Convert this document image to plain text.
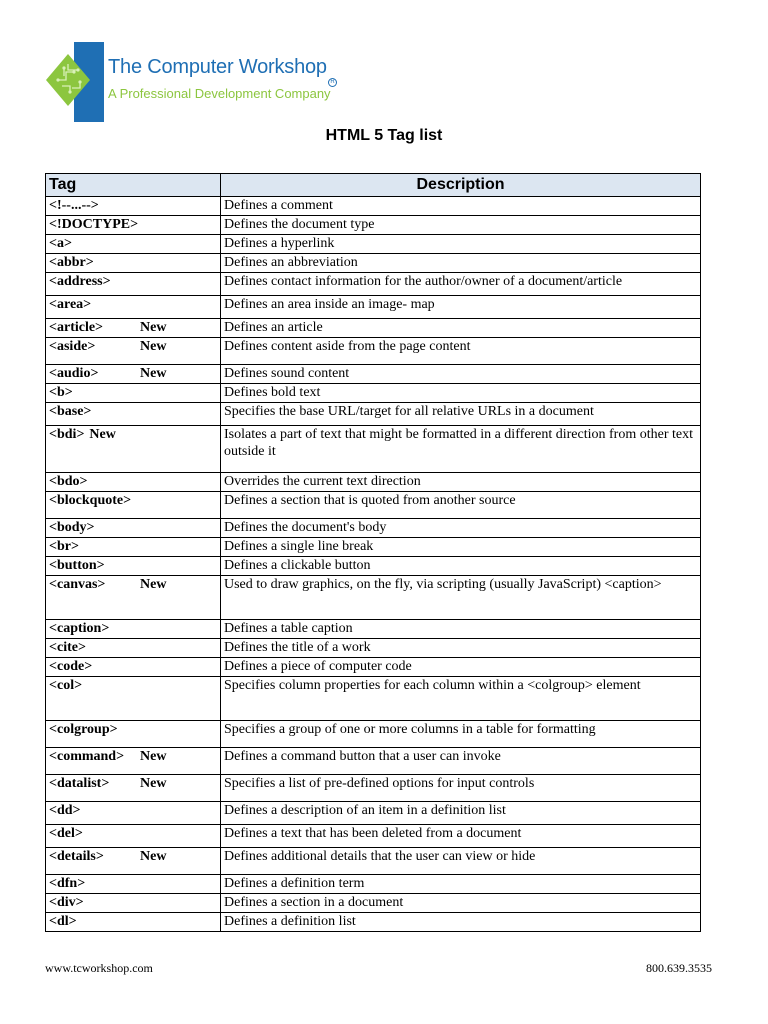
The Computer Workshop
R
A Professional Development Company
HTML 5 Tag list
Tag	Description
<!--...-->	Defines a comment
<!DOCTYPE>	Defines the document type
<a>	Defines a hyperlink
<abbr>	Defines an abbreviation
<address>	Defines contact information for the author/owner of a document/article
<area>	Defines an area inside an image- map
<article> New	Defines an article
<aside> New	Defines content aside from the page content
<audio> New	Defines sound content
<b>	Defines bold text
<base>	Specifies the base URL/target for all relative URLs in a document
<bdi> New	Isolates a part of text that might be formatted in a different direction from other text outside it
<bdo>	Overrides the current text direction
<blockquote>	Defines a section that is quoted from another source
<body>	Defines the document's body
<br>	Defines a single line break
<button>	Defines a clickable button
<canvas> New	Used to draw graphics, on the fly, via scripting (usually JavaScript) <caption>
<caption>	Defines a table caption
<cite>	Defines the title of a work
<code>	Defines a piece of computer code
<col>	Specifies column properties for each column within a <colgroup> element
<colgroup>	Specifies a group of one or more columns in a table for formatting
<command> New	Defines a command button that a user can invoke
<datalist> New	Specifies a list of pre-defined options for input controls
<dd>	Defines a description of an item in a definition list
<del>	Defines a text that has been deleted from a document
<details> New	Defines additional details that the user can view or hide
<dfn>	Defines a definition term
<div>	Defines a section in a document
<dl>	Defines a definition list
www.tcworkshop.com	800.639.3535
